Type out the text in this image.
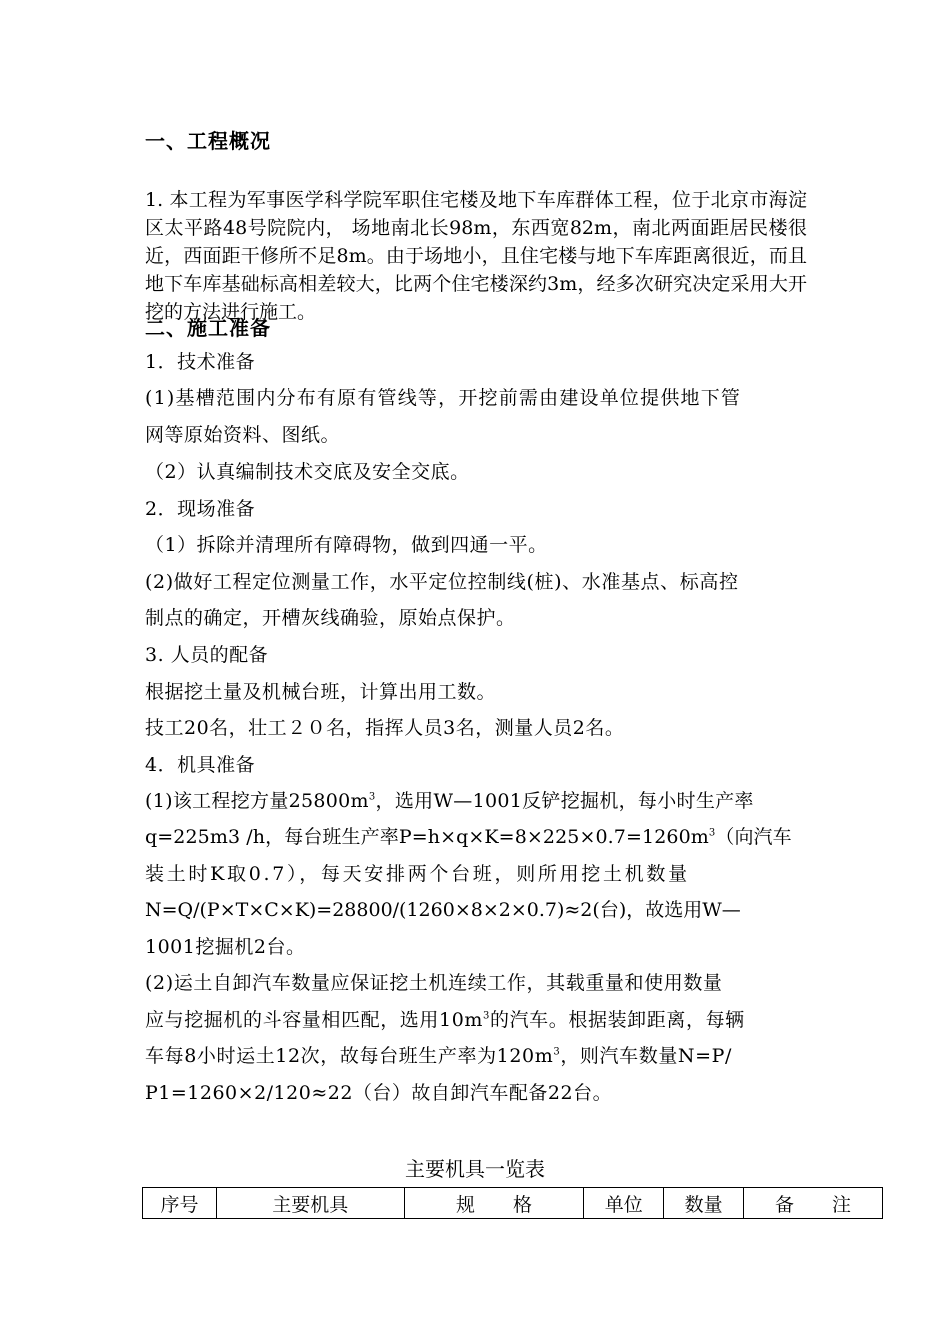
一、工程概况
1. 本工程为军事医学科学院军职住宅楼及地下车库群体工程，位于北京市海淀区太平路48号院院内， 场地南北长98m，东西宽82m，南北两面距居民楼很近，西面距干修所不足8m。由于场地小，且住宅楼与地下车库距离很近，而且地下车库基础标高相差较大，比两个住宅楼深约3m，经多次研究决定采用大开挖的方法进行施工。
二、施工准备
1．技术准备
(1)基槽范围内分布有原有管线等，开挖前需由建设单位提供地下管
网等原始资料、图纸。
（2）认真编制技术交底及安全交底。
2．现场准备
（1）拆除并清理所有障碍物，做到四通一平。
(2)做好工程定位测量工作，水平定位控制线(桩)、水准基点、标高控
制点的确定，开槽灰线确验，原始点保护。
3. 人员的配备
根据挖土量及机械台班，计算出用工数。
技工20名，壮工２０名，指挥人员3名，测量人员2名。
4．机具准备
(1)该工程挖方量$25800m^3$，选用W—1001反铲挖掘机，每小时生产率
q=225m3 /h，每台班生产率$P=h\times q\times K=8\times 225\times 0.7=1260m^3$（向汽车
装土时K取0.7），每天安排两个台班，则所用挖土机数量
N=Q/(P×T×C×K)=28800/(1260×8×2×0.7)≈2(台)，故选用W—
1001挖掘机2台。
(2)运土自卸汽车数量应保证挖土机连续工作，其载重量和使用数量
应与挖掘机的斗容量相匹配，选用$10m^3$的汽车。根据装卸距离，每辆
车每8小时运土12次，故每台班生产率为$120m^3$，则汽车数量N=P/
P1=1260×2/120≈22（台）故自卸汽车配备22台。
主要机具一览表
序号	主要机具	规　　格	单位	数量	备　　注
